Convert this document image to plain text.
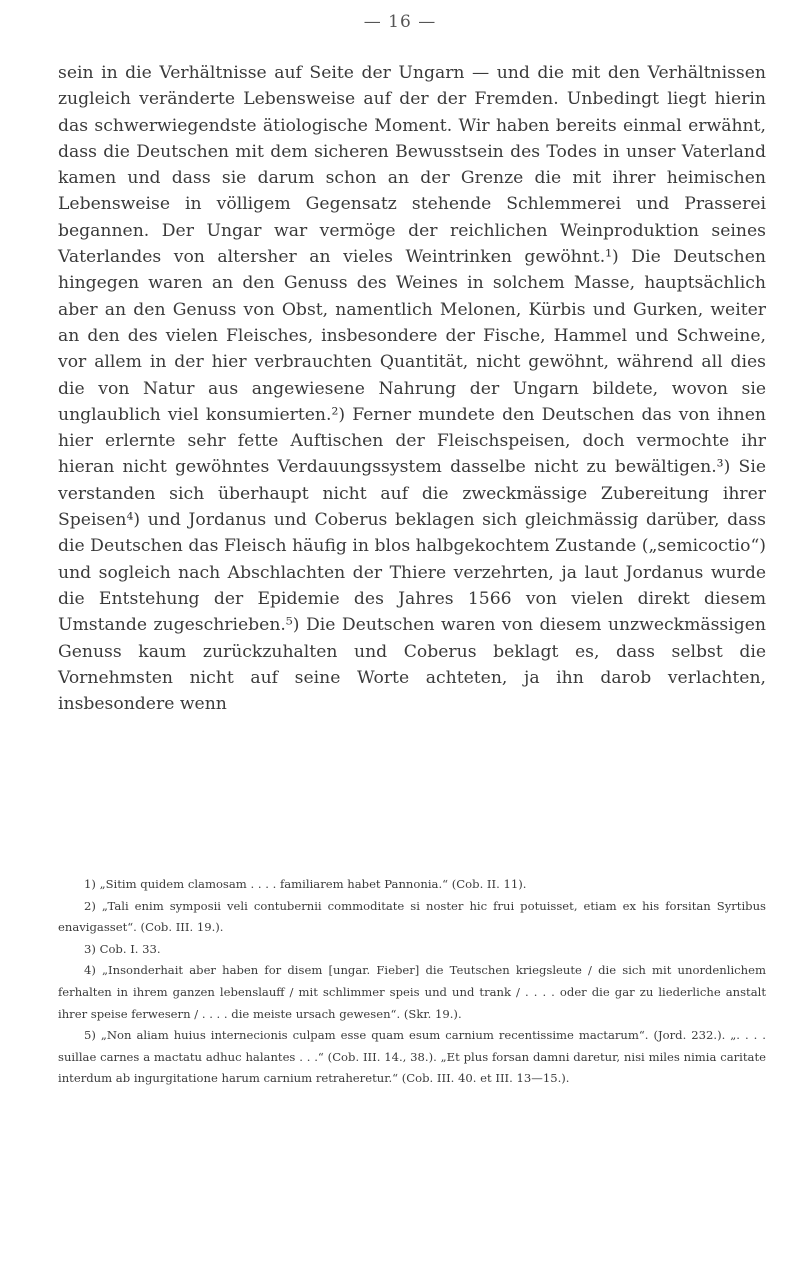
— 16 —

sein in die Verhältnisse auf Seite der Ungarn — und die mit den Verhältnissen zugleich veränderte Lebensweise auf der der Fremden. Unbedingt liegt hierin das schwerwiegendste ätiologische Moment. Wir haben bereits einmal erwähnt, dass die Deutschen mit dem sicheren Bewusstsein des Todes in unser Vaterland kamen und dass sie darum schon an der Grenze die mit ihrer heimischen Lebensweise in völligem Gegensatz stehende Schlemmerei und Prasserei begannen. Der Ungar war vermöge der reichlichen Weinproduktion seines Vaterlandes von altersher an vieles Weintrinken gewöhnt.¹) Die Deutschen hingegen waren an den Genuss des Weines in solchem Masse, hauptsächlich aber an den Genuss von Obst, namentlich Melonen, Kürbis und Gurken, weiter an den des vielen Fleisches, insbesondere der Fische, Hammel und Schweine, vor allem in der hier verbrauchten Quantität, nicht gewöhnt, während all dies die von Natur aus angewiesene Nahrung der Ungarn bildete, wovon sie unglaublich viel konsumierten.²) Ferner mundete den Deutschen das von ihnen hier erlernte sehr fette Auftischen der Fleischspeisen, doch vermochte ihr hieran nicht gewöhntes Verdauungssystem dasselbe nicht zu bewältigen.³) Sie verstanden sich überhaupt nicht auf die zweckmässige Zubereitung ihrer Speisen⁴) und Jordanus und Coberus beklagen sich gleichmässig darüber, dass die Deutschen das Fleisch häufig in blos halbgekochtem Zustande („semicoctio“) und sogleich nach Abschlachten der Thiere verzehrten, ja laut Jordanus wurde die Entstehung der Epidemie des Jahres 1566 von vielen direkt diesem Umstande zugeschrieben.⁵) Die Deutschen waren von diesem unzweckmässigen Genuss kaum zurückzuhalten und Coberus beklagt es, dass selbst die Vornehmsten nicht auf seine Worte achteten, ja ihn darob verlachten, insbesondere wenn

1) „Sitim quidem clamosam . . . . familiarem habet Pannonia.“ (Cob. II. 11).

2) „Tali enim symposii veli contubernii commoditate si noster hic frui potuisset, etiam ex his forsitan Syrtibus enavigasset“. (Cob. III. 19.).

3) Cob. I. 33.

4) „Insonderhait aber haben for disem [ungar. Fieber] die Teutschen kriegsleute / die sich mit unordenlichem ferhalten in ihrem ganzen lebenslauff / mit schlimmer speis und und trank / . . . . oder die gar zu liederliche anstalt ihrer speise ferwesern / . . . . die meiste ursach gewesen“. (Skr. 19.).

5) „Non aliam huius internecionis culpam esse quam esum carnium recentissime mactarum“. (Jord. 232.). „. . . . suillae carnes a mactatu adhuc halantes . . .“ (Cob. III. 14., 38.). „Et plus forsan damni daretur, nisi miles nimia caritate interdum ab ingurgitatione harum carnium retraheretur.“ (Cob. III. 40. et III. 13—15.).
